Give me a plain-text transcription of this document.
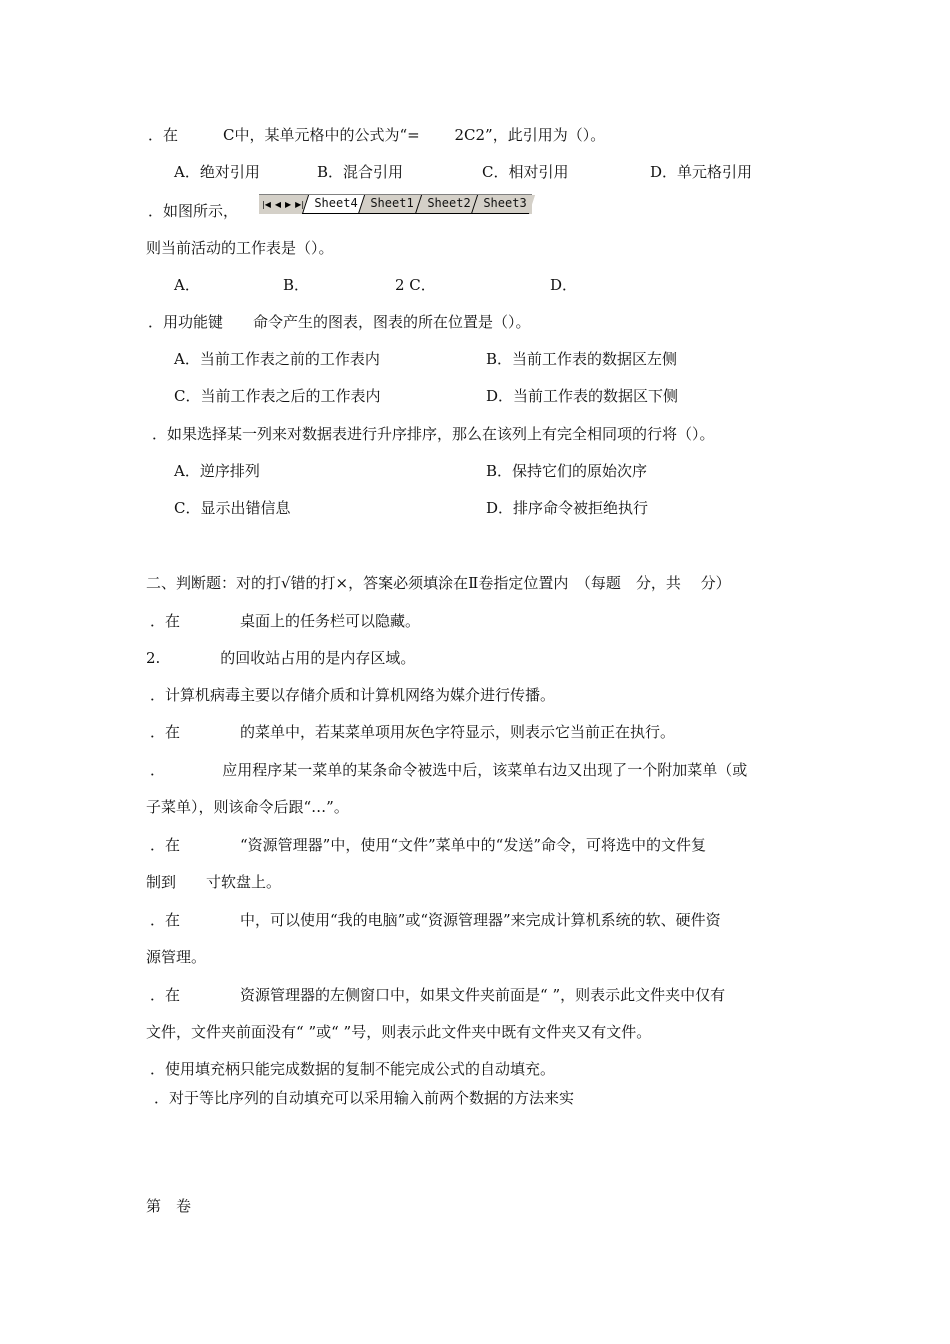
．在　　　C中，某单元格中的公式为“=　　 2C2”，此引用为（）。
A．绝对引用	B．混合引用	C．相对引用	D．单元格引用
．如图所示，	|◀ ◀ ▶ ▶| Sheet4	Sheet1	Sheet2	Sheet3
则当前活动的工作表是（）。
A．	B．	2 C．	D．
．用功能键　　命令产生的图表，图表的所在位置是（）。
A．当前工作表之前的工作表内	B．当前工作表的数据区左侧
C．当前工作表之后的工作表内	D．当前工作表的数据区下侧
．如果选择某一列来对数据表进行升序排序，那么在该列上有完全相同项的行将（）。
A．逆序排列	B．保持它们的原始次序
C．显示出错信息	D．排序命令被拒绝执行
二、判断题：对的打√错的打×，答案必须填涂在Ⅱ卷指定位置内　（每题　分，共　 分）
．在　　　　桌面上的任务栏可以隐藏。
2.　　　　的回收站占用的是内存区域。
．计算机病毒主要以存储介质和计算机网络为媒介进行传播。
．在　　　　的菜单中，若某菜单项用灰色字符显示，则表示它当前正在执行。
．　　　　 应用程序某一菜单的某条命令被选中后，该菜单右边又出现了一个附加菜单（或
子菜单），则该命令后跟“…”。
．在　　　　“资源管理器”中，使用“文件”菜单中的“发送”命令，可将选中的文件复
制到　　寸软盘上。
．在　　　　中，可以使用“我的电脑”或“资源管理器”来完成计算机系统的软、硬件资
源管理。
．在　　　　资源管理器的左侧窗口中，如果文件夹前面是“ ”，则表示此文件夹中仅有
文件，文件夹前面没有“ ”或“ ”号，则表示此文件夹中既有文件夹又有文件。
．使用填充柄只能完成数据的复制不能完成公式的自动填充。
．对于等比序列的自动填充可以采用输入前两个数据的方法来实
第　卷
